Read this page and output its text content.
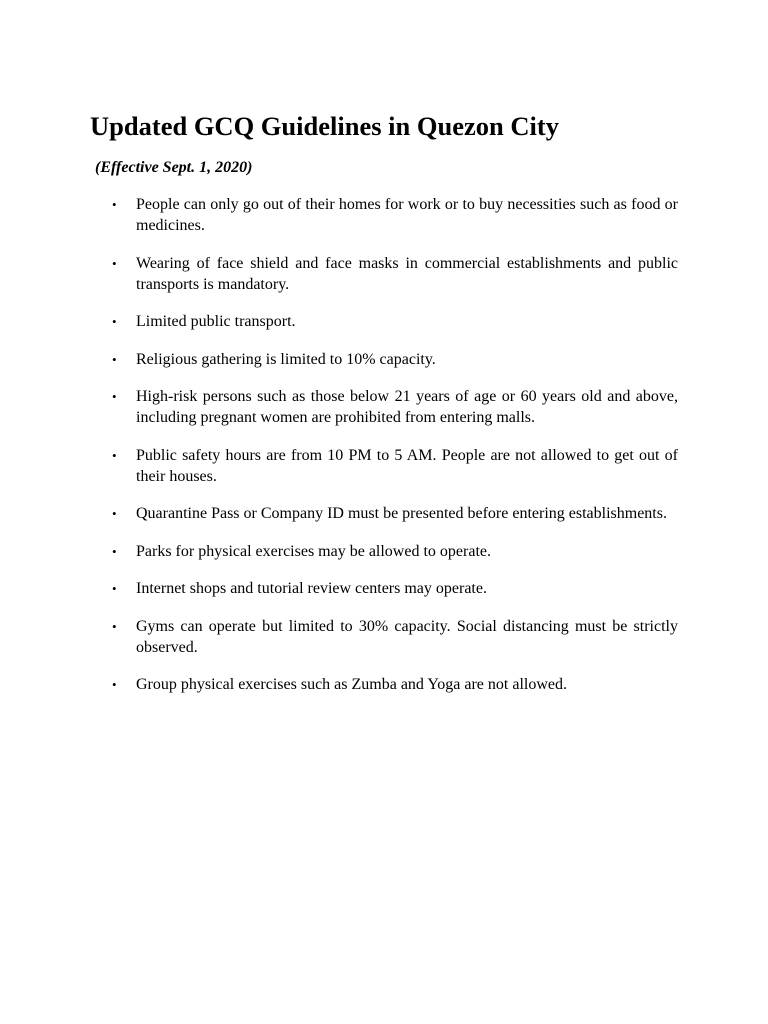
Updated GCQ Guidelines in Quezon City

(Effective Sept. 1, 2020)

• People can only go out of their homes for work or to buy necessities such as food or medicines.
• Wearing of face shield and face masks in commercial establishments and public transports is mandatory.
• Limited public transport.
• Religious gathering is limited to 10% capacity.
• High-risk persons such as those below 21 years of age or 60 years old and above, including pregnant women are prohibited from entering malls.
• Public safety hours are from 10 PM to 5 AM. People are not allowed to get out of their houses.
• Quarantine Pass or Company ID must be presented before entering establishments.
• Parks for physical exercises may be allowed to operate.
• Internet shops and tutorial review centers may operate.
• Gyms can operate but limited to 30% capacity. Social distancing must be strictly observed.
• Group physical exercises such as Zumba and Yoga are not allowed.
